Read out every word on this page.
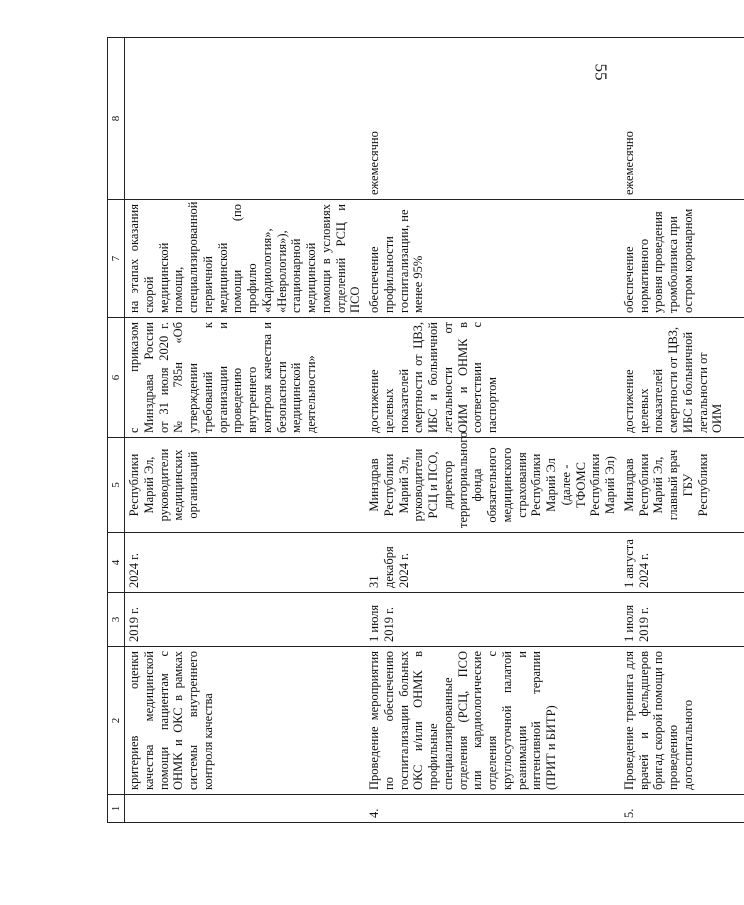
55
1	2	3	4	5	6	7	8
	критериев оценки качества медицинской помощи пациентам с ОНМК и ОКС в рамках системы внутреннего контроля качества	2019 г.	2024 г.	Республики Марий Эл, руководители медицинских организаций	с приказом Минздрава России от 31 июля 2020 г. № 785н «Об утверждении требований к организации и проведению внутреннего контроля качества и безопасности медицинской деятельности»	на этапах оказания скорой медицинской помощи, специализированной первичной медицинской помощи (по профилю «Кардиология», «Неврология»), стационарной медицинской помощи в условиях отделений РСЦ и ПСО	
4.	Проведение мероприятия по обеспечению госпитализации больных ОКС и/или ОНМК в профильные специализированные отделения (РСЦ, ПСО или кардиологические отделения с круглосуточной палатой реанимации и интенсивной терапии (ПРИТ и БИТР)	1 июля 2019 г.	31 декабря 2024 г.	Минздрав Республики Марий Эл, руководители РСЦ и ПСО, директор территориального фонда обязательного медицинского страхования Республики Марий Эл (далее - ТФОМС Республики Марий Эл)	достижение целевых показателей смертности от ЦВЗ, ИБС и больничной летальности от ОИМ и ОНМК в соответствии с паспортом	обеспечение профильности госпитализации, не менее 95%	ежемесячно
5.	Проведение тренинга для врачей и фельдшеров бригад скорой помощи по проведению догоспитального	1 июля 2019 г.	1 августа 2024 г.	Минздрав Республики Марий Эл, главный врач ГБУ Республики	достижение целевых показателей смертности от ЦВЗ, ИБС и больничной летальности от ОИМ	обеспечение нормативного уровня проведения тромболизиса при остром коронарном	ежемесячно
